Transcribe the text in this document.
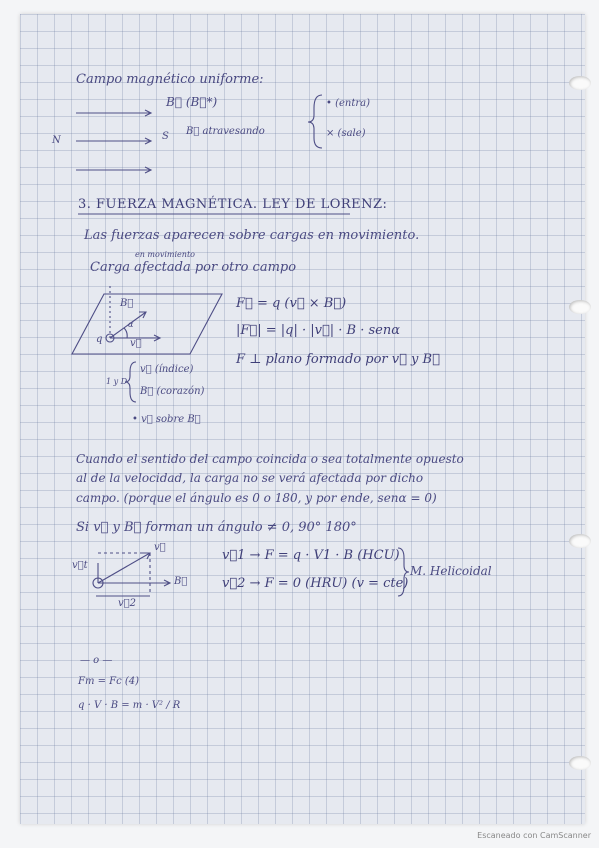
Campo magnético uniforme:
B⃗ (B⃗*)
N	S B⃗ atravesando
• (entra)
× (sale)
3. FUERZA MAGNÉTICA. LEY DE LORENZ:
Las fuerzas aparecen sobre cargas en movimiento.
en movimiento
Carga afectada por otro campo
F⃗ = q (v⃗ × B⃗)
|F⃗| = |q| · |v⃗| · B · senα
F ⊥ plano formado por v⃗ y B⃗
B⃗
α
q	v⃗
1 y D
v⃗ (índice)
B⃗ (corazón)
• v⃗ sobre B⃗
Cuando el sentido del campo coincida o sea totalmente opuesto
al de la velocidad, la carga no se verá afectada por dicho
campo. (porque el ángulo es 0 o 180, y por ende, senα = 0)
Si v⃗ y B⃗ forman un ángulo ≠ 0, 90° 180°
v⃗
v⃗t
B⃗
v⃗2
v⃗1 → F = q · V1 · B (HCU)
v⃗2 → F = 0 (HRU) (v = cte)
M. Helicoidal
— o —
Fm = Fc (4)
q · V · B = m · V² / R
Escaneado con CamScanner
